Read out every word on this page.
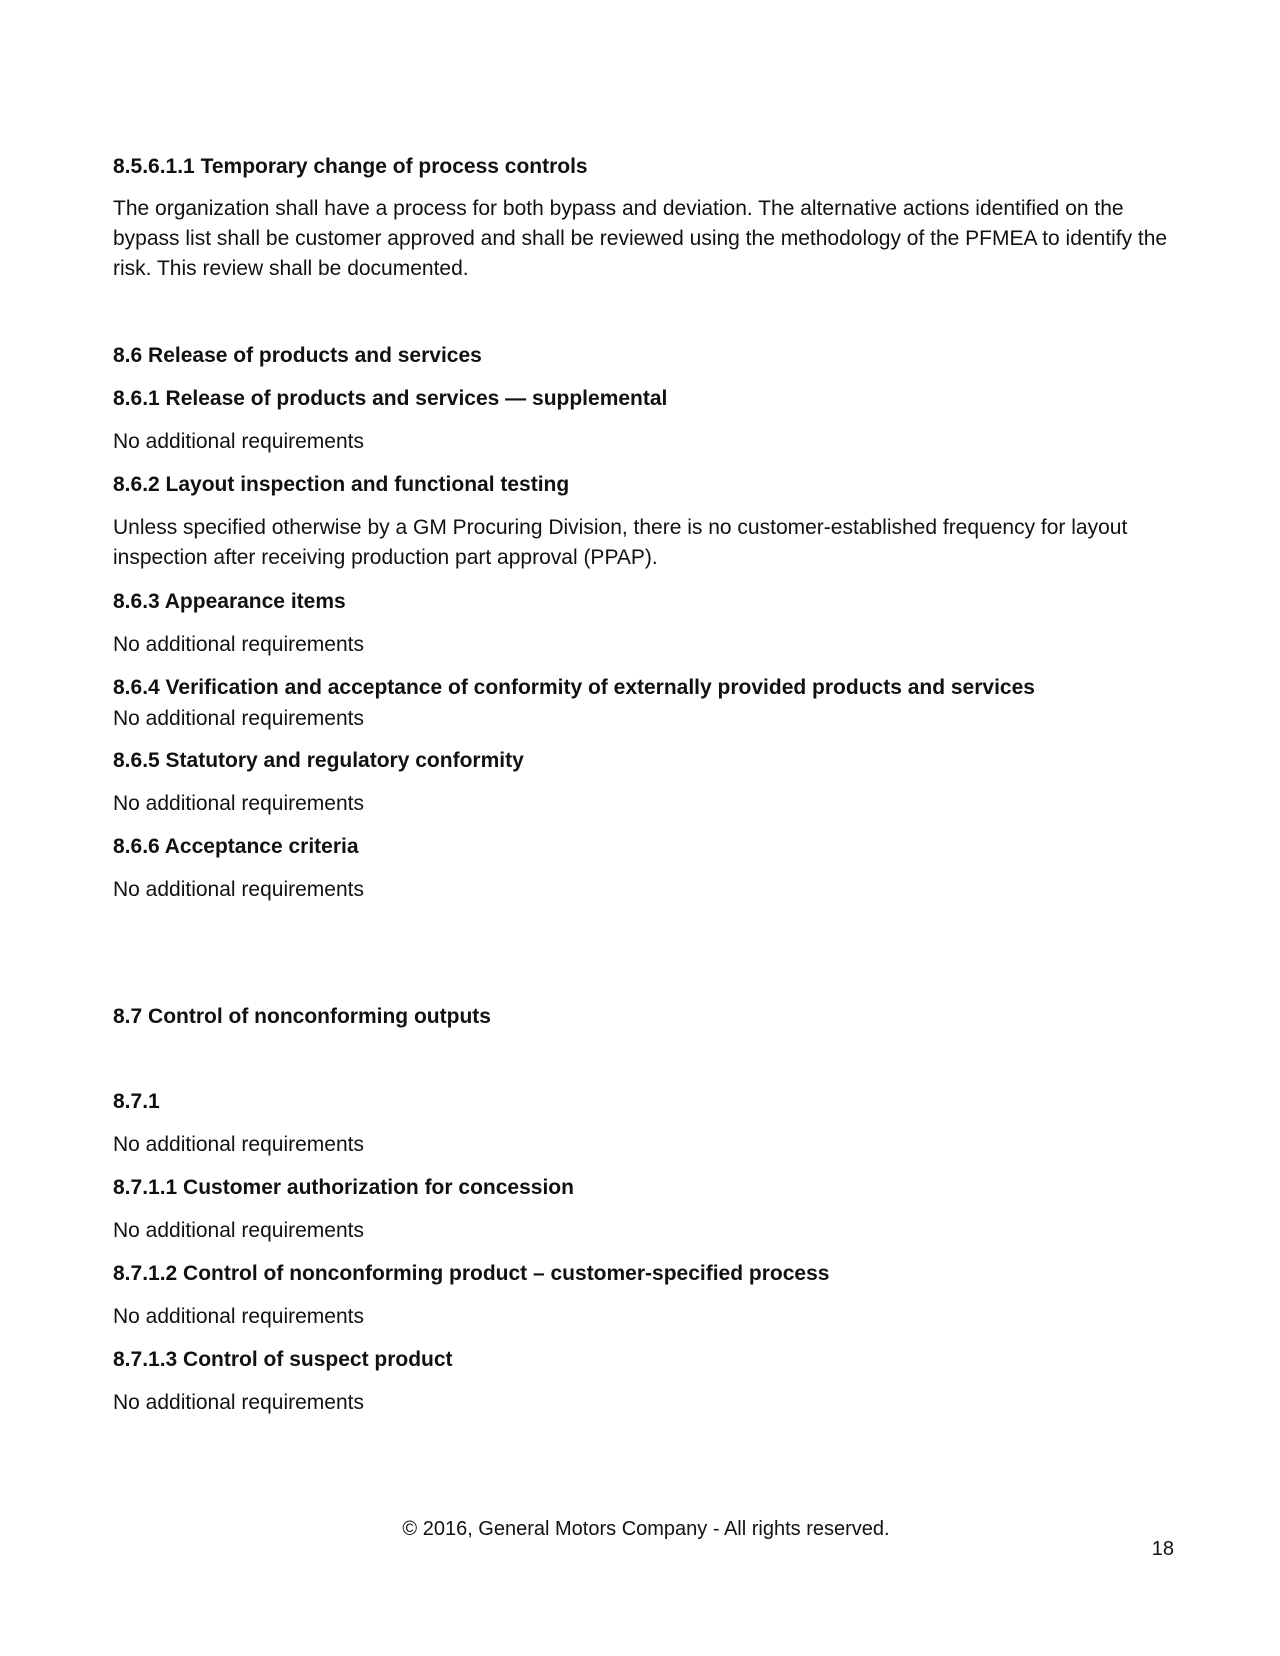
8.5.6.1.1 Temporary change of process controls

The organization shall have a process for both bypass and deviation. The alternative actions identified on the bypass list shall be customer approved and shall be reviewed using the methodology of the PFMEA to identify the risk. This review shall be documented.

8.6 Release of products and services

8.6.1 Release of products and services — supplemental

No additional requirements

8.6.2 Layout inspection and functional testing

Unless specified otherwise by a GM Procuring Division, there is no customer-established frequency for layout inspection after receiving production part approval (PPAP).

8.6.3 Appearance items

No additional requirements

8.6.4 Verification and acceptance of conformity of externally provided products and services

No additional requirements

8.6.5 Statutory and regulatory conformity

No additional requirements

8.6.6 Acceptance criteria

No additional requirements

8.7 Control of nonconforming outputs

8.7.1

No additional requirements

8.7.1.1 Customer authorization for concession

No additional requirements

8.7.1.2 Control of nonconforming product – customer-specified process

No additional requirements

8.7.1.3 Control of suspect product

No additional requirements

© 2016, General Motors Company - All rights reserved.
18
